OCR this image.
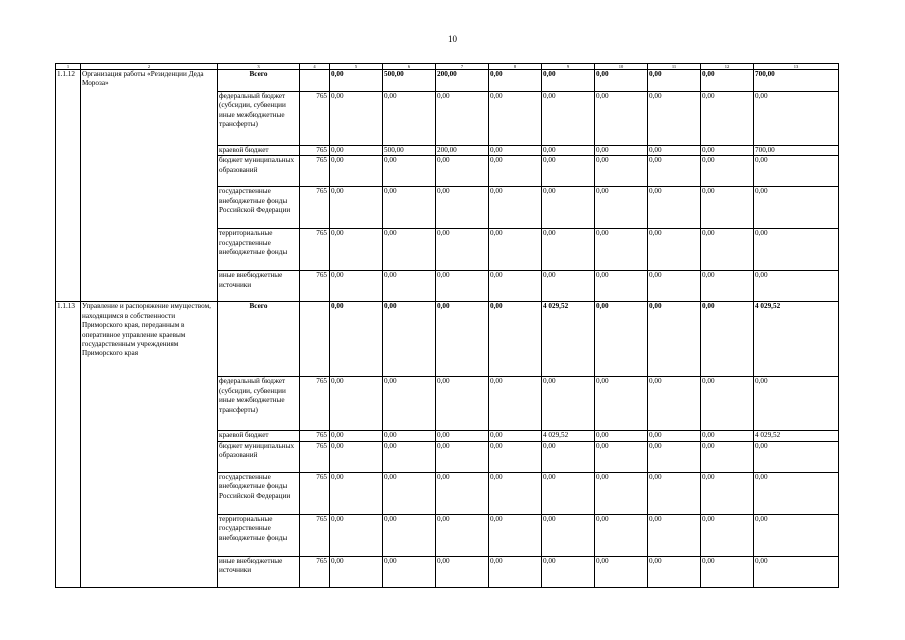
10
1	2	3	4	5	6	7	8	9	10	11	12	13
1.1.12	Организация работы «Резиденции Деда Мороза»	Всего		0,00	500,00	200,00	0,00	0,00	0,00	0,00	0,00	700,00
		федеральный бюджет (субсидии, субвенции иные межбюджетные трансферты)	765	0,00	0,00	0,00	0,00	0,00	0,00	0,00	0,00	0,00
		краевой бюджет	765	0,00	500,00	200,00	0,00	0,00	0,00	0,00	0,00	700,00
		бюджет муниципальных образований	765	0,00	0,00	0,00	0,00	0,00	0,00	0,00	0,00	0,00
		государственные внебюджетные фонды Российской Федерации	765	0,00	0,00	0,00	0,00	0,00	0,00	0,00	0,00	0,00
		территориальные государственные внебюджетные фонды	765	0,00	0,00	0,00	0,00	0,00	0,00	0,00	0,00	0,00
		иные внебюджетные источники	765	0,00	0,00	0,00	0,00	0,00	0,00	0,00	0,00	0,00
1.1.13	Управление и распоряжение имуществом, находящимся в собственности Приморского края, переданным в оперативное управление краевым государственным учреждениям Приморского края	Всего		0,00	0,00	0,00	0,00	4 029,52	0,00	0,00	0,00	4 029,52
		федеральный бюджет (субсидии, субвенции иные межбюджетные трансферты)	765	0,00	0,00	0,00	0,00	0,00	0,00	0,00	0,00	0,00
		краевой бюджет	765	0,00	0,00	0,00	0,00	4 029,52	0,00	0,00	0,00	4 029,52
		бюджет муниципальных образований	765	0,00	0,00	0,00	0,00	0,00	0,00	0,00	0,00	0,00
		государственные внебюджетные фонды Российской Федерации	765	0,00	0,00	0,00	0,00	0,00	0,00	0,00	0,00	0,00
		территориальные государственные внебюджетные фонды	765	0,00	0,00	0,00	0,00	0,00	0,00	0,00	0,00	0,00
		иные внебюджетные источники	765	0,00	0,00	0,00	0,00	0,00	0,00	0,00	0,00	0,00
